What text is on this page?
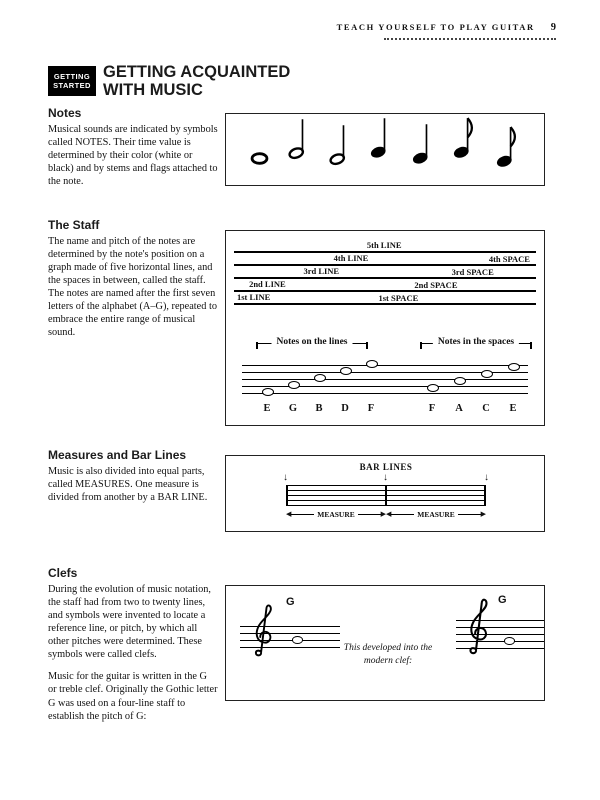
TEACH YOURSELF TO PLAY GUITAR 9
GETTING
STARTED
GETTING ACQUAINTED
WITH MUSIC
Notes

Musical sounds are indicated by symbols called NOTES. Their time value is determined by their color (white or black) and by stems and flags attached to the note.

The Staff

The name and pitch of the notes are determined by the note's position on a graph made of five horizontal lines, and the spaces in between, called the staff. The notes are named after the first seven letters of the alphabet (A–G), repeated to embrace the entire range of musical sound.

Measures and Bar Lines

Music is also divided into equal parts, called MEASURES. One measure is divided from another by a BAR LINE.

Clefs

During the evolution of music notation, the staff had from two to twenty lines, and symbols were invented to locate a reference line, or pitch, by which all other pitches were determined. These symbols were called clefs.

Music for the guitar is written in the G or treble clef. Originally the Gothic letter G was used on a four-line staff to establish the pitch of G:

5th LINE
4th LINE
3rd LINE
2nd LINE
1st LINE
4th SPACE
3rd SPACE
2nd SPACE
1st SPACE
Notes on the lines	Notes in the spaces
E	G	B	D	F	F	A	C	E
BAR LINES
↓	↓	↓
◀	MEASURE	▶ ◀	MEASURE	▶
G
This developed into the
modern clef:
G
